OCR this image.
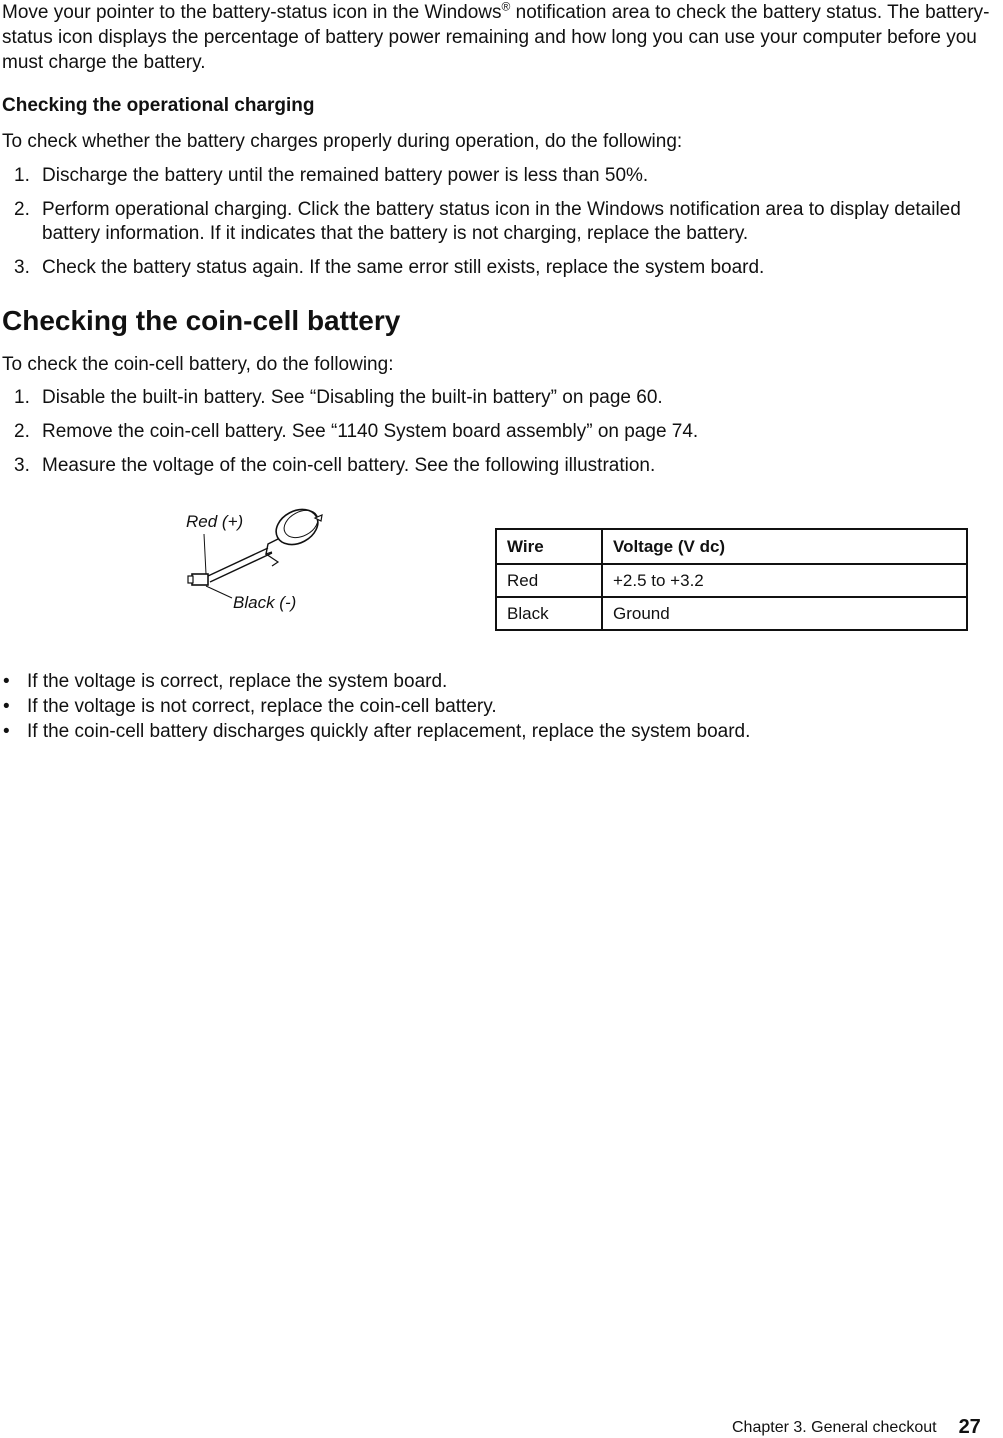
Move your pointer to the battery-status icon in the Windows® notification area to check the battery status. The battery-status icon displays the percentage of battery power remaining and how long you can use your computer before you must charge the battery.

Checking the operational charging

To check whether the battery charges properly during operation, do the following:

1. Discharge the battery until the remained battery power is less than 50%.
2. Perform operational charging. Click the battery status icon in the Windows notification area to display detailed battery information. If it indicates that the battery is not charging, replace the battery.
3. Check the battery status again. If the same error still exists, replace the system board.
Checking the coin-cell battery

To check the coin-cell battery, do the following:

1. Disable the built-in battery. See “Disabling the built-in battery” on page 60.
2. Remove the coin-cell battery. See “1140 System board assembly” on page 74.
3. Measure the voltage of the coin-cell battery. See the following illustration.
Red (+)
Black (-)
Wire	Voltage (V dc)
Red	+2.5 to +3.2
Black	Ground
• If the voltage is correct, replace the system board.
• If the voltage is not correct, replace the coin-cell battery.
• If the coin-cell battery discharges quickly after replacement, replace the system board.
Chapter 3. General checkout 27
